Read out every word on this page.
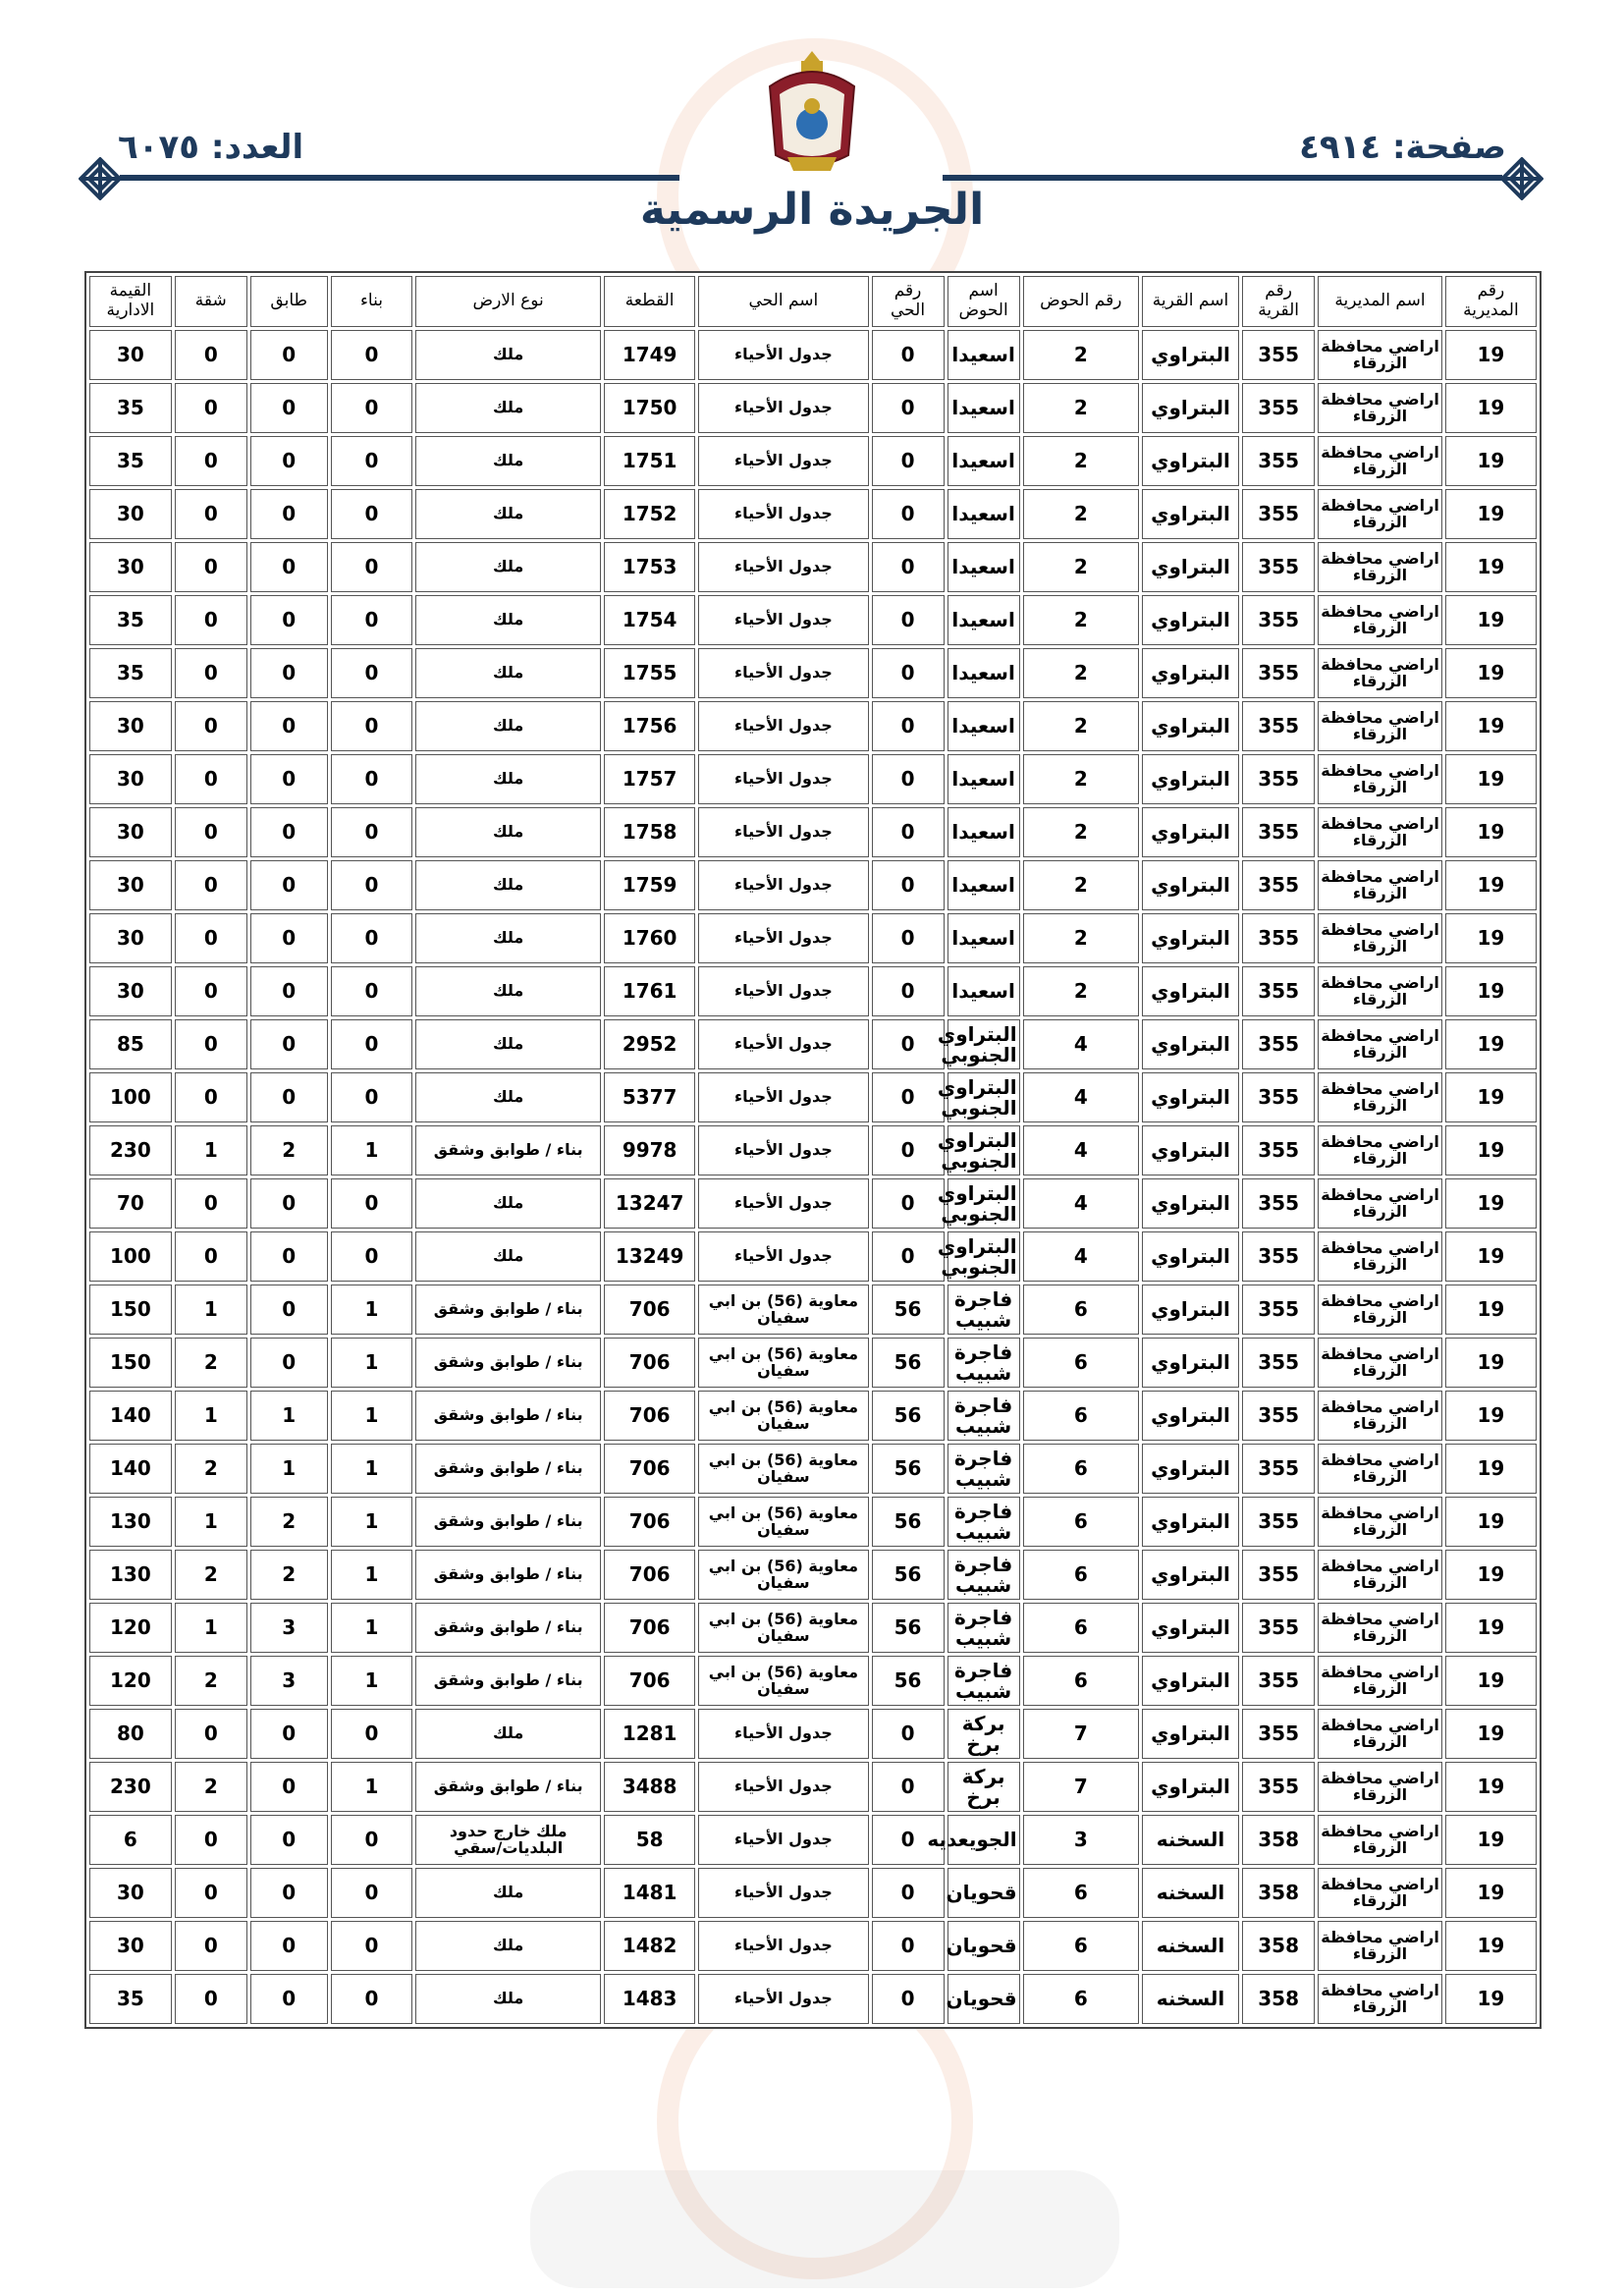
صفحة: ٤٩١٤
العدد: ٦٠٧٥
الجريدة الرسمية
رقم المديرية	اسم المديرية	رقم القرية	اسم القرية	رقم الحوض	اسم الحوض	رقم الحي	اسم الحي	القطعة	نوع الارض	بناء	طابق	شقة	القيمة الادارية
19	اراضي محافظة الزرقاء	355	البتراوي	2	اسعيدا	0	جدول الأحياء	1749	ملك	0	0	0	30
19	اراضي محافظة الزرقاء	355	البتراوي	2	اسعيدا	0	جدول الأحياء	1750	ملك	0	0	0	35
19	اراضي محافظة الزرقاء	355	البتراوي	2	اسعيدا	0	جدول الأحياء	1751	ملك	0	0	0	35
19	اراضي محافظة الزرقاء	355	البتراوي	2	اسعيدا	0	جدول الأحياء	1752	ملك	0	0	0	30
19	اراضي محافظة الزرقاء	355	البتراوي	2	اسعيدا	0	جدول الأحياء	1753	ملك	0	0	0	30
19	اراضي محافظة الزرقاء	355	البتراوي	2	اسعيدا	0	جدول الأحياء	1754	ملك	0	0	0	35
19	اراضي محافظة الزرقاء	355	البتراوي	2	اسعيدا	0	جدول الأحياء	1755	ملك	0	0	0	35
19	اراضي محافظة الزرقاء	355	البتراوي	2	اسعيدا	0	جدول الأحياء	1756	ملك	0	0	0	30
19	اراضي محافظة الزرقاء	355	البتراوي	2	اسعيدا	0	جدول الأحياء	1757	ملك	0	0	0	30
19	اراضي محافظة الزرقاء	355	البتراوي	2	اسعيدا	0	جدول الأحياء	1758	ملك	0	0	0	30
19	اراضي محافظة الزرقاء	355	البتراوي	2	اسعيدا	0	جدول الأحياء	1759	ملك	0	0	0	30
19	اراضي محافظة الزرقاء	355	البتراوي	2	اسعيدا	0	جدول الأحياء	1760	ملك	0	0	0	30
19	اراضي محافظة الزرقاء	355	البتراوي	2	اسعيدا	0	جدول الأحياء	1761	ملك	0	0	0	30
19	اراضي محافظة الزرقاء	355	البتراوي	4	البتراوي الجنوبي	0	جدول الأحياء	2952	ملك	0	0	0	85
19	اراضي محافظة الزرقاء	355	البتراوي	4	البتراوي الجنوبي	0	جدول الأحياء	5377	ملك	0	0	0	100
19	اراضي محافظة الزرقاء	355	البتراوي	4	البتراوي الجنوبي	0	جدول الأحياء	9978	بناء / طوابق وشقق	1	2	1	230
19	اراضي محافظة الزرقاء	355	البتراوي	4	البتراوي الجنوبي	0	جدول الأحياء	13247	ملك	0	0	0	70
19	اراضي محافظة الزرقاء	355	البتراوي	4	البتراوي الجنوبي	0	جدول الأحياء	13249	ملك	0	0	0	100
19	اراضي محافظة الزرقاء	355	البتراوي	6	فاجرة شبيب	56	معاوية (56) بن ابي سفيان	706	بناء / طوابق وشقق	1	0	1	150
19	اراضي محافظة الزرقاء	355	البتراوي	6	فاجرة شبيب	56	معاوية (56) بن ابي سفيان	706	بناء / طوابق وشقق	1	0	2	150
19	اراضي محافظة الزرقاء	355	البتراوي	6	فاجرة شبيب	56	معاوية (56) بن ابي سفيان	706	بناء / طوابق وشقق	1	1	1	140
19	اراضي محافظة الزرقاء	355	البتراوي	6	فاجرة شبيب	56	معاوية (56) بن ابي سفيان	706	بناء / طوابق وشقق	1	1	2	140
19	اراضي محافظة الزرقاء	355	البتراوي	6	فاجرة شبيب	56	معاوية (56) بن ابي سفيان	706	بناء / طوابق وشقق	1	2	1	130
19	اراضي محافظة الزرقاء	355	البتراوي	6	فاجرة شبيب	56	معاوية (56) بن ابي سفيان	706	بناء / طوابق وشقق	1	2	2	130
19	اراضي محافظة الزرقاء	355	البتراوي	6	فاجرة شبيب	56	معاوية (56) بن ابي سفيان	706	بناء / طوابق وشقق	1	3	1	120
19	اراضي محافظة الزرقاء	355	البتراوي	6	فاجرة شبيب	56	معاوية (56) بن ابي سفيان	706	بناء / طوابق وشقق	1	3	2	120
19	اراضي محافظة الزرقاء	355	البتراوي	7	بركة برخ	0	جدول الأحياء	1281	ملك	0	0	0	80
19	اراضي محافظة الزرقاء	355	البتراوي	7	بركة برخ	0	جدول الأحياء	3488	بناء / طوابق وشقق	1	0	2	230
19	اراضي محافظة الزرقاء	358	السخنه	3	الجويعديه	0	جدول الأحياء	58	ملك خارج حدود البلديات/سقي	0	0	0	6
19	اراضي محافظة الزرقاء	358	السخنه	6	قحويان	0	جدول الأحياء	1481	ملك	0	0	0	30
19	اراضي محافظة الزرقاء	358	السخنه	6	قحويان	0	جدول الأحياء	1482	ملك	0	0	0	30
19	اراضي محافظة الزرقاء	358	السخنه	6	قحويان	0	جدول الأحياء	1483	ملك	0	0	0	35
